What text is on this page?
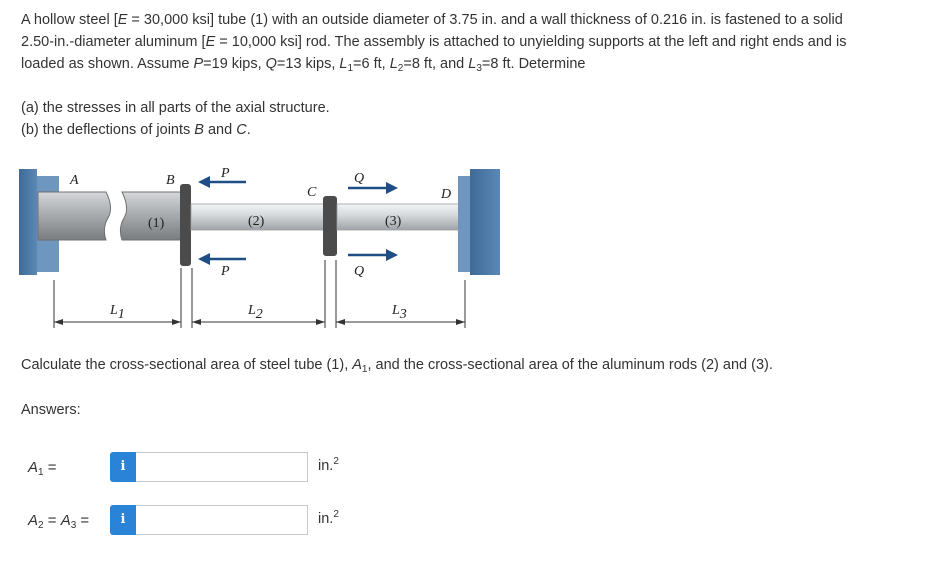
A hollow steel [E = 30,000 ksi] tube (1) with an outside diameter of 3.75 in. and a wall thickness of 0.216 in. is fastened to a solid
2.50-in.-diameter aluminum [E = 10,000 ksi] rod. The assembly is attached to unyielding supports at the left and right ends and is
loaded as shown. Assume P=19 kips, Q=13 kips, $L_1=6$ ft, $L_2=8$ ft, and $L_3=8$ ft. Determine
(a) the stresses in all parts of the axial structure.
(b) the deflections of joints B and C.
A	B
C	D
P
P
Q
Q
(1)	(2)	(3)
L1	L2	L3
Calculate the cross-sectional area of steel tube (1), $A_1$, and the cross-sectional area of the aluminum rods (2) and (3).
Answers:
$A_1$ =	i	in.$^2$
$A_2 = A_3$ =	i	in.$^2$
